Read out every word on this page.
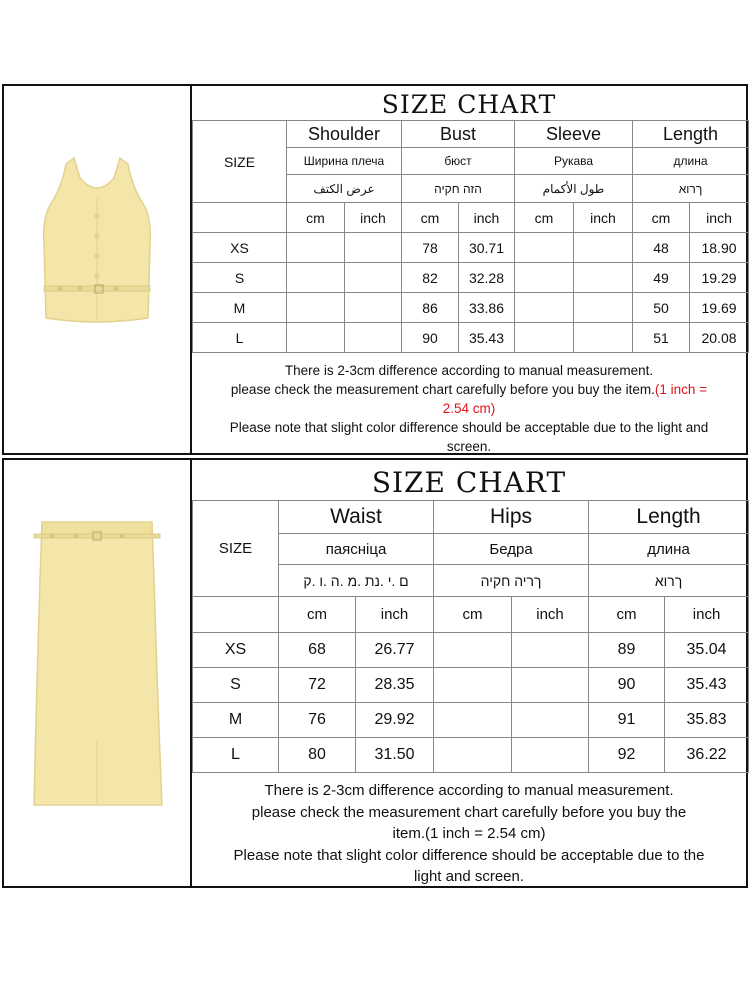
SIZE CHART
SIZE	Shoulder		Bust		Sleeve		Length	
	Ширина плеча		бюст		Рукава		длина	
	عرض الكتف		הזה חקיה		طول الأكمام		ךרוא	
	cm	inch	cm	inch	cm	inch	cm	inch
XS			78	30.71			48	18.90
S			82	32.28			49	19.29
M			86	33.86			50	19.69
L			90	35.43			51	20.08
There is 2-3cm difference according to manual measurement.
please check the measurement chart carefully before you buy the item.(1 inch =
2.54 cm)
Please note that slight color difference should be acceptable due to the light and
screen.
SIZE CHART
SIZE	Waist		Hips		Length	
	паясніца		Бедра		длина	
	ם .י .נת .מ .ה .ו .ק		ךריה חקיה		ךרוא	
	cm	inch	cm	inch	cm	inch
XS	68	26.77			89	35.04
S	72	28.35			90	35.43
M	76	29.92			91	35.83
L	80	31.50			92	36.22
There is 2-3cm difference according to manual measurement.
please check the measurement chart carefully before you buy the
item.(1 inch = 2.54 cm)
Please note that slight color difference should be acceptable due to the
light and screen.
